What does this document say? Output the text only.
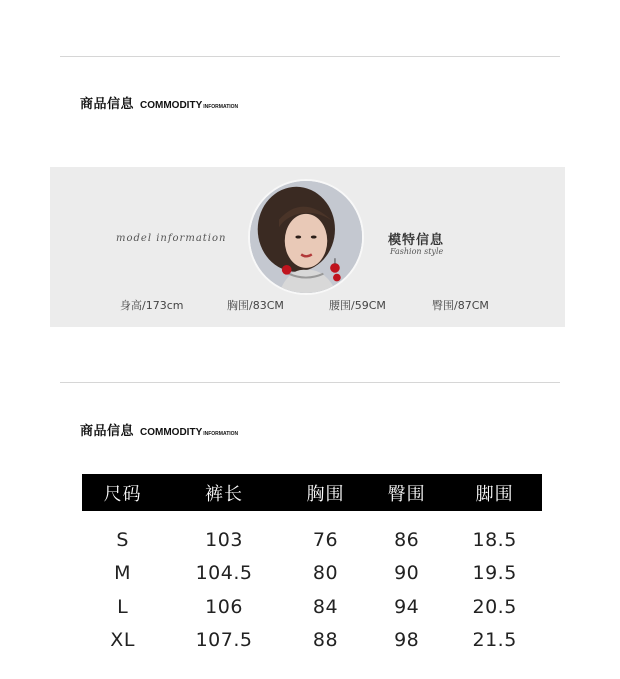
商品信息 COMMODITY INFORMATION
model information	模特信息
Fashion style
身高/173cm	胸围/83CM	腰围/59CM	臀围/87CM
商品信息 COMMODITY INFORMATION
尺码	裤长	胸围	臀围	脚围
S	103	76	86	18.5
M	104.5	80	90	19.5
L	106	84	94	20.5
XL	107.5	88	98	21.5
